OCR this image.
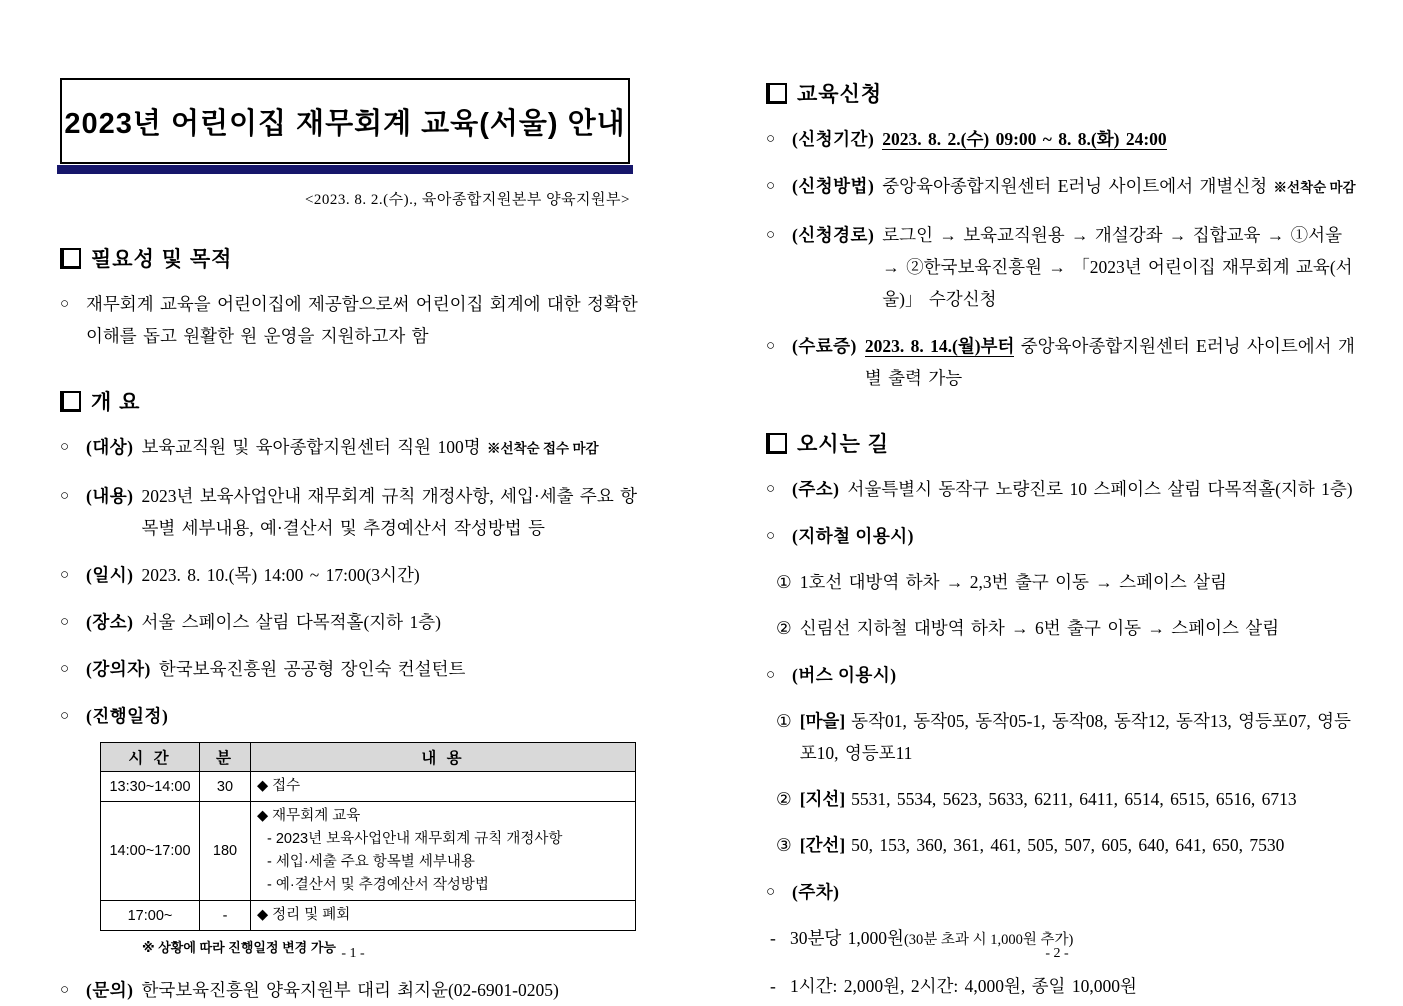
2023년 어린이집 재무회계 교육(서울) 안내
<2023. 8. 2.(수)., 육아종합지원본부 양육지원부>
필요성 및 목적
○ 재무회계 교육을 어린이집에 제공함으로써 어린이집 회계에 대한 정확한 이해를 돕고 원활한 원 운영을 지원하고자 함
개 요
○ (대상) 보육교직원 및 육아종합지원센터 직원 100명 ※선착순 접수 마감
○ (내용) 2023년 보육사업안내 재무회계 규칙 개정사항, 세입·세출 주요 항목별 세부내용, 예·결산서 및 추경예산서 작성방법 등
○ (일시) 2023. 8. 10.(목) 14:00 ~ 17:00(3시간)
○ (장소) 서울 스페이스 살림 다목적홀(지하 1층)
○ (강의자) 한국보육진흥원 공공형 장인숙 컨설턴트
○ (진행일정)
시 간	분	내 용
13:30~14:00	30	◆ 접수

14:00~17:00	180	◆ 재무회계 교육
- 2023년 보육사업안내 재무회계 규칙 개정사항
- 세입·세출 주요 항목별 세부내용
- 예·결산서 및 추경예산서 작성방법

17:00~	-	◆ 정리 및 폐회
※ 상황에 따라 진행일정 변경 가능
○ (문의) 한국보육진흥원 양육지원부 대리 최지윤(02-6901-0205)
교육신청
○ (신청기간) 2023. 8. 2.(수) 09:00 ~ 8. 8.(화) 24:00
○ (신청방법) 중앙육아종합지원센터 E러닝 사이트에서 개별신청 ※선착순 마감
○ (신청경로) 로그인 → 보육교직원용 → 개설강좌 → 집합교육 → ①서울 → ②한국보육진흥원 → 「2023년 어린이집 재무회계 교육(서울)」 수강신청
○ (수료증) 2023. 8. 14.(월)부터 중앙육아종합지원센터 E러닝 사이트에서 개별 출력 가능
오시는 길
○ (주소) 서울특별시 동작구 노량진로 10 스페이스 살림 다목적홀(지하 1층)
○ (지하철 이용시)
① 1호선 대방역 하차 → 2,3번 출구 이동 → 스페이스 살림
② 신림선 지하철 대방역 하차 → 6번 출구 이동 → 스페이스 살림
○ (버스 이용시)
① [마을] 동작01, 동작05, 동작05-1, 동작08, 동작12, 동작13, 영등포07, 영등포10, 영등포11
② [지선] 5531, 5534, 5623, 5633, 6211, 6411, 6514, 6515, 6516, 6713
③ [간선] 50, 153, 360, 361, 461, 505, 507, 605, 640, 641, 650, 7530
○ (주차)
- 30분당 1,000원(30분 초과 시 1,000원 추가)
- 1시간: 2,000원, 2시간: 4,000원, 종일 10,000원
- 1 -	- 2 -
